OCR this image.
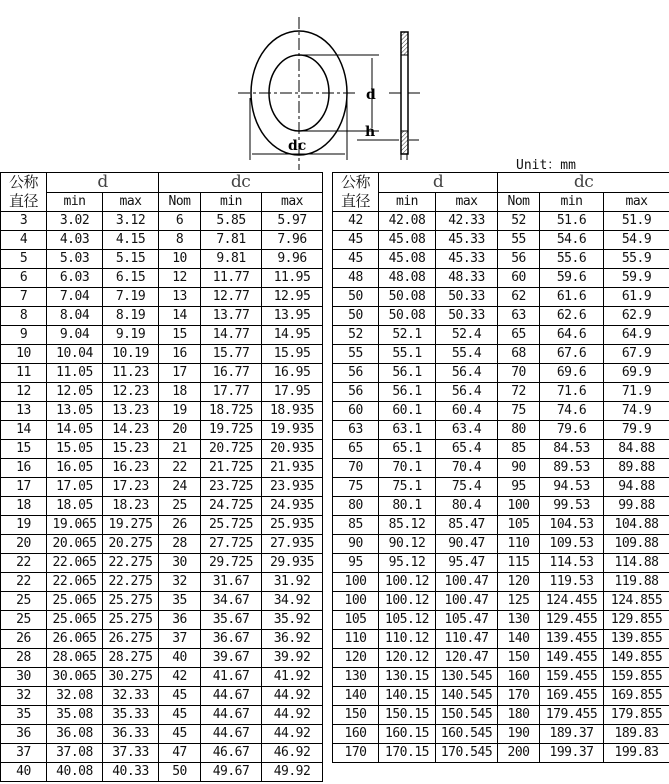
d
dc
h
Unit：mm
公称
直径	d		dc		
	min	max	Nom	min	max
3	3.02	3.12	6	5.85	5.97
4	4.03	4.15	8	7.81	7.96
5	5.03	5.15	10	9.81	9.96
6	6.03	6.15	12	11.77	11.95
7	7.04	7.19	13	12.77	12.95
8	8.04	8.19	14	13.77	13.95
9	9.04	9.19	15	14.77	14.95
10	10.04	10.19	16	15.77	15.95
11	11.05	11.23	17	16.77	16.95
12	12.05	12.23	18	17.77	17.95
13	13.05	13.23	19	18.725	18.935
14	14.05	14.23	20	19.725	19.935
15	15.05	15.23	21	20.725	20.935
16	16.05	16.23	22	21.725	21.935
17	17.05	17.23	24	23.725	23.935
18	18.05	18.23	25	24.725	24.935
19	19.065	19.275	26	25.725	25.935
20	20.065	20.275	28	27.725	27.935
22	22.065	22.275	30	29.725	29.935
22	22.065	22.275	32	31.67	31.92
25	25.065	25.275	35	34.67	34.92
25	25.065	25.275	36	35.67	35.92
26	26.065	26.275	37	36.67	36.92
28	28.065	28.275	40	39.67	39.92
30	30.065	30.275	42	41.67	41.92
32	32.08	32.33	45	44.67	44.92
35	35.08	35.33	45	44.67	44.92
36	36.08	36.33	45	44.67	44.92
37	37.08	37.33	47	46.67	46.92
40	40.08	40.33	50	49.67	49.92
公称
直径	d		dc		
	min	max	Nom	min	max
42	42.08	42.33	52	51.6	51.9
45	45.08	45.33	55	54.6	54.9
45	45.08	45.33	56	55.6	55.9
48	48.08	48.33	60	59.6	59.9
50	50.08	50.33	62	61.6	61.9
50	50.08	50.33	63	62.6	62.9
52	52.1	52.4	65	64.6	64.9
55	55.1	55.4	68	67.6	67.9
56	56.1	56.4	70	69.6	69.9
56	56.1	56.4	72	71.6	71.9
60	60.1	60.4	75	74.6	74.9
63	63.1	63.4	80	79.6	79.9
65	65.1	65.4	85	84.53	84.88
70	70.1	70.4	90	89.53	89.88
75	75.1	75.4	95	94.53	94.88
80	80.1	80.4	100	99.53	99.88
85	85.12	85.47	105	104.53	104.88
90	90.12	90.47	110	109.53	109.88
95	95.12	95.47	115	114.53	114.88
100	100.12	100.47	120	119.53	119.88
100	100.12	100.47	125	124.455	124.855
105	105.12	105.47	130	129.455	129.855
110	110.12	110.47	140	139.455	139.855
120	120.12	120.47	150	149.455	149.855
130	130.15	130.545	160	159.455	159.855
140	140.15	140.545	170	169.455	169.855
150	150.15	150.545	180	179.455	179.855
160	160.15	160.545	190	189.37	189.83
170	170.15	170.545	200	199.37	199.83
